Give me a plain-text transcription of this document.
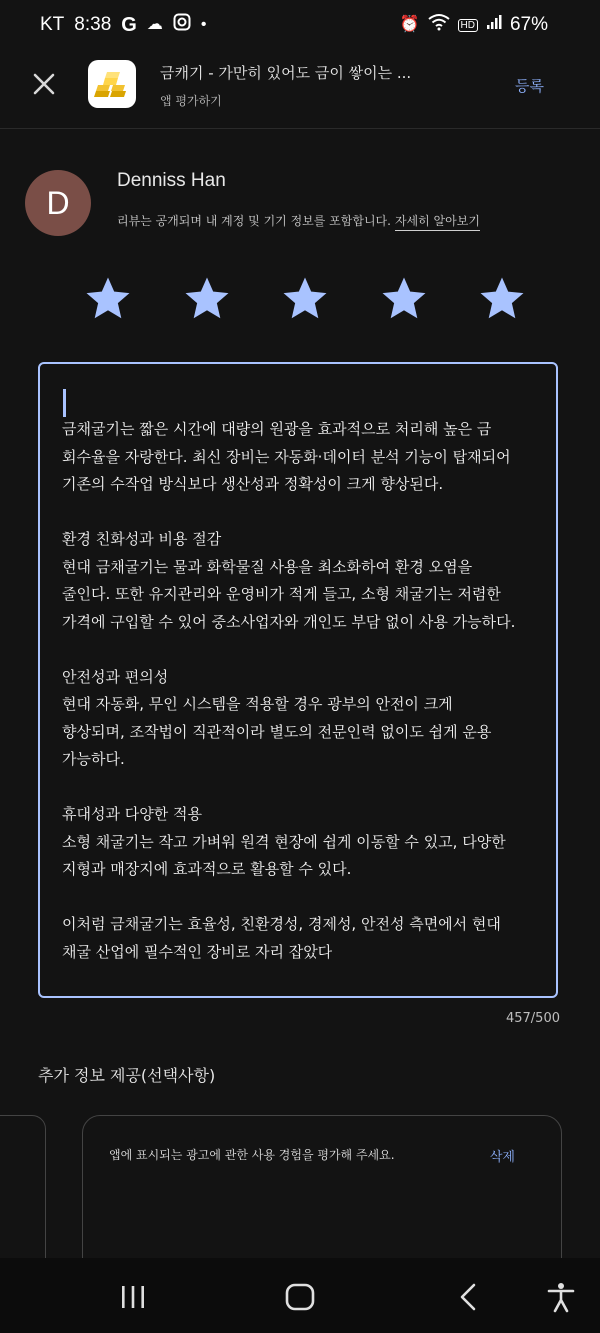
KT 8:38 G ☁ •	⏰	HD 67%
금캐기 - 가만히 있어도 금이 쌓이는 ...
앱 평가하기
등록
D
Denniss Han
리뷰는 공개되며 내 계정 및 기기 정보를 포함합니다. 자세히 알아보기
금채굴기는 짧은 시간에 대량의 원광을 효과적으로 처리해 높은 금
회수율을 자랑한다. 최신 장비는 자동화·데이터 분석 기능이 탑재되어
기존의 수작업 방식보다 생산성과 정확성이 크게 향상된다.

환경 친화성과 비용 절감
현대 금채굴기는 물과 화학물질 사용을 최소화하여 환경 오염을
줄인다. 또한 유지관리와 운영비가 적게 들고, 소형 채굴기는 저렴한
가격에 구입할 수 있어 중소사업자와 개인도 부담 없이 사용 가능하다.

안전성과 편의성
현대 자동화, 무인 시스템을 적용할 경우 광부의 안전이 크게
향상되며, 조작법이 직관적이라 별도의 전문인력 없이도 쉽게 운용
가능하다.

휴대성과 다양한 적용
소형 채굴기는 작고 가벼워 원격 현장에 쉽게 이동할 수 있고, 다양한
지형과 매장지에 효과적으로 활용할 수 있다.

이처럼 금채굴기는 효율성, 친환경성, 경제성, 안전성 측면에서 현대
채굴 산업에 필수적인 장비로 자리 잡았다
457/500
추가 정보 제공(선택사항)
앱에 표시되는 광고에 관한 사용 경험을 평가해 주세요.	삭제
